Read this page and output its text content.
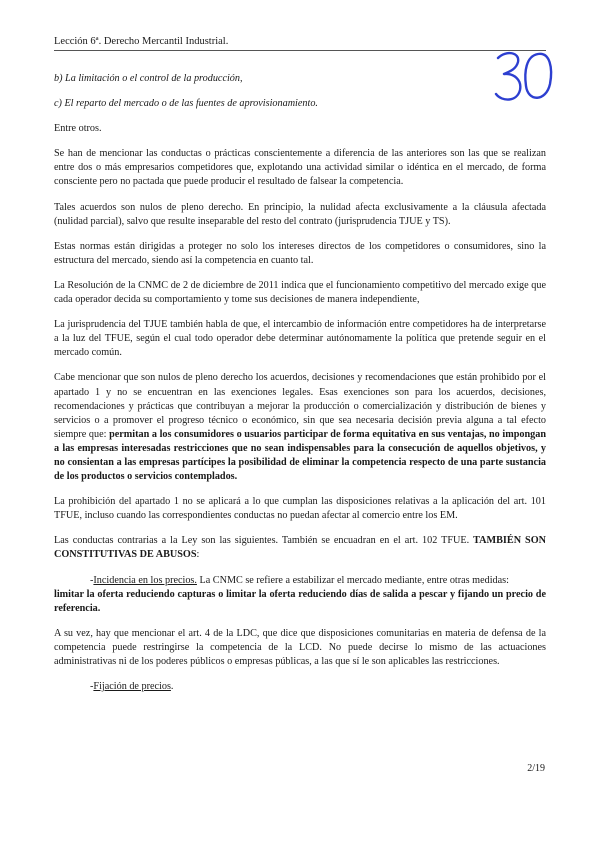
Lección 6ª. Derecho Mercantil Industrial.

b) La limitación o el control de la producción,

c) El reparto del mercado o de las fuentes de aprovisionamiento.

Entre otros.

Se han de mencionar las conductas o prácticas conscientemente a diferencia de las anteriores son las que se realizan entre dos o más empresarios competidores que, explotando una actividad similar o idéntica en el mercado, de forma consciente pero no pactada que puede producir el resultado de falsear la competencia.

Tales acuerdos son nulos de pleno derecho. En principio, la nulidad afecta exclusivamente a la cláusula afectada (nulidad parcial), salvo que resulte inseparable del resto del contrato (jurisprudencia TJUE y TS).

Estas normas están dirigidas a proteger no solo los intereses directos de los competidores o consumidores, sino la estructura del mercado, siendo así la competencia en cuanto tal.

La Resolución de la CNMC de 2 de diciembre de 2011 indica que el funcionamiento competitivo del mercado exige que cada operador decida su comportamiento y tome sus decisiones de manera independiente,

La jurisprudencia del TJUE también habla de que, el intercambio de información entre competidores ha de interpretarse a la luz del TFUE, según el cual todo operador debe determinar autónomamente la política que pretende seguir en el mercado común.

Cabe mencionar que son nulos de pleno derecho los acuerdos, decisiones y recomendaciones que están prohibido por el apartado 1 y no se encuentran en las exenciones legales. Esas exenciones son para los acuerdos, decisiones, recomendaciones y prácticas que contribuyan a mejorar la producción o comercialización y distribución de bienes y servicios o a promover el progreso técnico o económico, sin que sea necesaria decisión previa alguna a tal efecto siempre que: permitan a los consumidores o usuarios participar de forma equitativa en sus ventajas, no impongan a las empresas interesadas restricciones que no sean indispensables para la consecución de aquellos objetivos, y no consientan a las empresas partícipes la posibilidad de eliminar la competencia respecto de una parte sustancia de los productos o servicios contemplados.

La prohibición del apartado 1 no se aplicará a lo que cumplan las disposiciones relativas a la aplicación del art. 101 TFUE, incluso cuando las correspondientes conductas no puedan afectar al comercio entre los EM.

Las conductas contrarias a la Ley son las siguientes. También se encuadran en el art. 102 TFUE. TAMBIÉN SON CONSTITUTIVAS DE ABUSOS:

-Incidencia en los precios. La CNMC se refiere a estabilizar el mercado mediante, entre otras medidas:

limitar la oferta reduciendo capturas o limitar la oferta reduciendo días de salida a pescar y fijando un precio de referencia.

A su vez, hay que mencionar el art. 4 de la LDC, que dice que disposiciones comunitarias en materia de defensa de la competencia puede restringirse la competencia de la LCD. No puede decirse lo mismo de las actuaciones administrativas ni de los poderes públicos o empresas públicas, a las que sí le son aplicables las restricciones.

-Fijación de precios.

2/19
